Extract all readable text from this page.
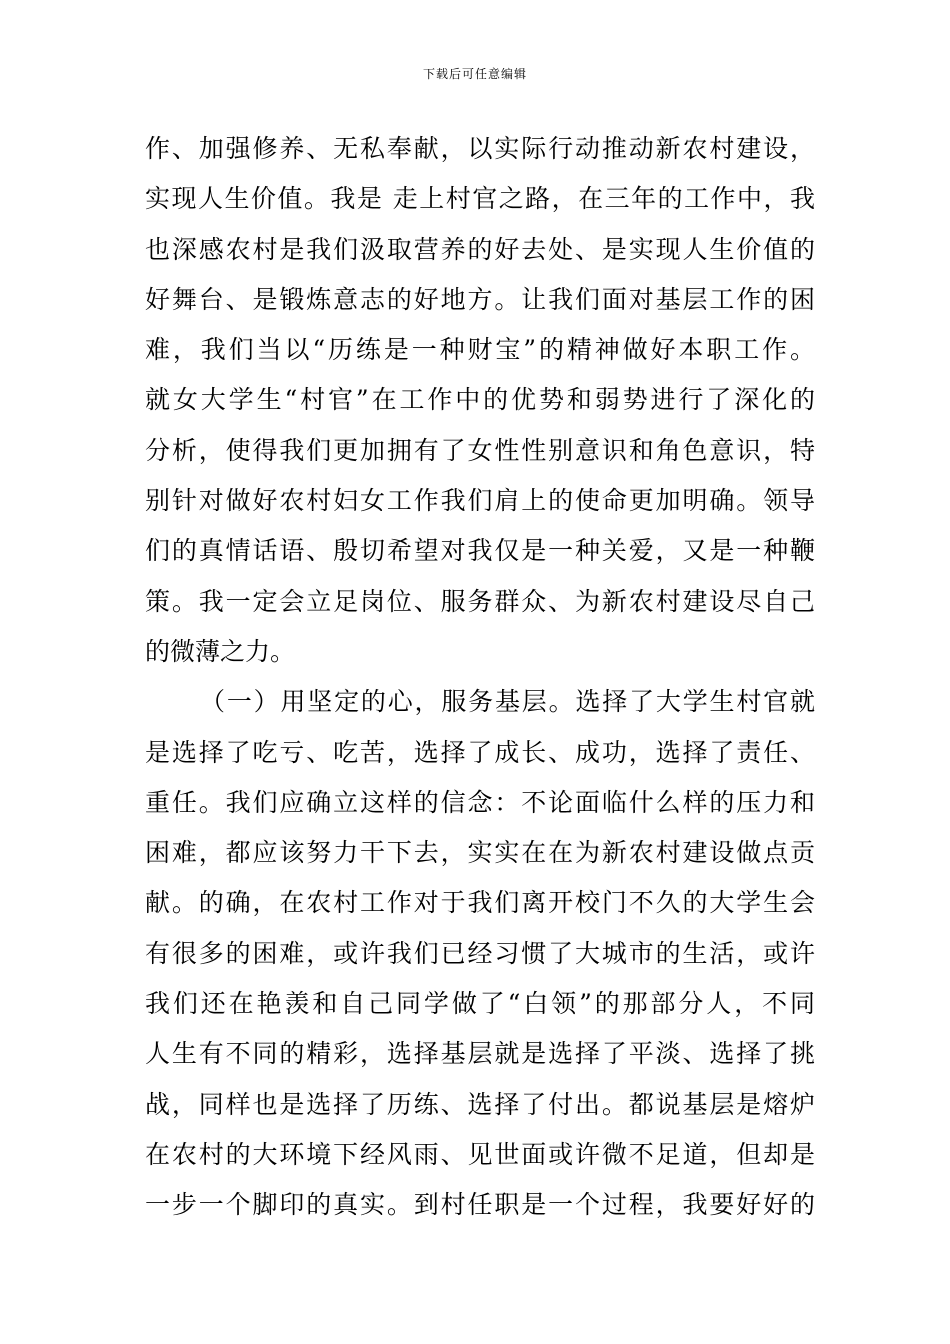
下载后可任意编辑
作、加强修养、无私奉献，以实际行动推动新农村建设，
实现人生价值。我是 走上村官之路，在三年的工作中，我
也深感农村是我们汲取营养的好去处、是实现人生价值的
好舞台、是锻炼意志的好地方。让我们面对基层工作的困
难，我们当以“历练是一种财宝”的精神做好本职工作。
就女大学生“村官”在工作中的优势和弱势进行了深化的
分析，使得我们更加拥有了女性性别意识和角色意识，特
别针对做好农村妇女工作我们肩上的使命更加明确。领导
们的真情话语、殷切希望对我仅是一种关爱，又是一种鞭
策。我一定会立足岗位、服务群众、为新农村建设尽自己
的微薄之力。
（一）用坚定的心，服务基层。选择了大学生村官就
是选择了吃亏、吃苦，选择了成长、成功，选择了责任、
重任。我们应确立这样的信念：不论面临什么样的压力和
困难，都应该努力干下去，实实在在为新农村建设做点贡
献。的确，在农村工作对于我们离开校门不久的大学生会
有很多的困难，或许我们已经习惯了大城市的生活，或许
我们还在艳羡和自己同学做了“白领”的那部分人，不同
人生有不同的精彩，选择基层就是选择了平淡、选择了挑
战，同样也是选择了历练、选择了付出。都说基层是熔炉
在农村的大环境下经风雨、见世面或许微不足道，但却是
一步一个脚印的真实。到村任职是一个过程，我要好好的
